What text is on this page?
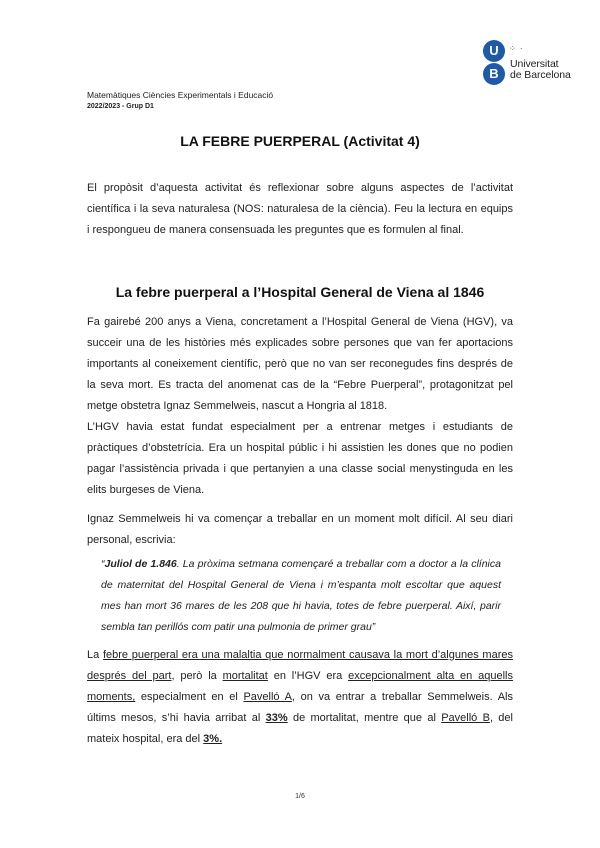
U
B
⁘ ·
Universitat
de Barcelona
Matemàtiques Ciències Experimentals i Educació
2022/2023 - Grup D1
LA FEBRE PUERPERAL (Activitat 4)
El propòsit d’aquesta activitat és reflexionar sobre alguns aspectes de l’activitat científica i la seva naturalesa (NOS: naturalesa de la ciència). Feu la lectura en equips i respongueu de manera consensuada les preguntes que es formulen al final.
La febre puerperal a l’Hospital General de Viena al 1846
Fa gairebé 200 anys a Viena, concretament a l’Hospital General de Viena (HGV), va succeir una de les històries més explicades sobre persones que van fer aportacions importants al coneixement científic, però que no van ser reconegudes fins després de la seva mort. Es tracta del anomenat cas de la “Febre Puerperal”, protagonitzat pel metge obstetra Ignaz Semmelweis, nascut a Hongria al 1818.
L’HGV havia estat fundat especialment per a entrenar metges i estudiants de pràctiques d’obstetrícia. Era un hospital públic i hi assistien les dones que no podien pagar l’assistència privada i que pertanyien a una classe social menystinguda en les elits burgeses de Viena.
Ignaz Semmelweis hi va començar a treballar en un moment molt difícil. Al seu diari personal, escrivia:
“Juliol de 1.846. La pròxima setmana començaré a treballar com a doctor a la clínica de maternitat del Hospital General de Viena i m’espanta molt escoltar que aquest mes han mort 36 mares de les 208 que hi havia, totes de febre puerperal. Així, parir sembla tan perillós com patir una pulmonia de primer grau”
La febre puerperal era una malaltia que normalment causava la mort d’algunes mares després del part, però la mortalitat en l’HGV era excepcionalment alta en aquells moments, especialment en el Pavelló A, on va entrar a treballar Semmelweis. Als últims mesos, s’hi havia arribat al 33% de mortalitat, mentre que al Pavelló B, del mateix hospital, era del 3%.
1/6
